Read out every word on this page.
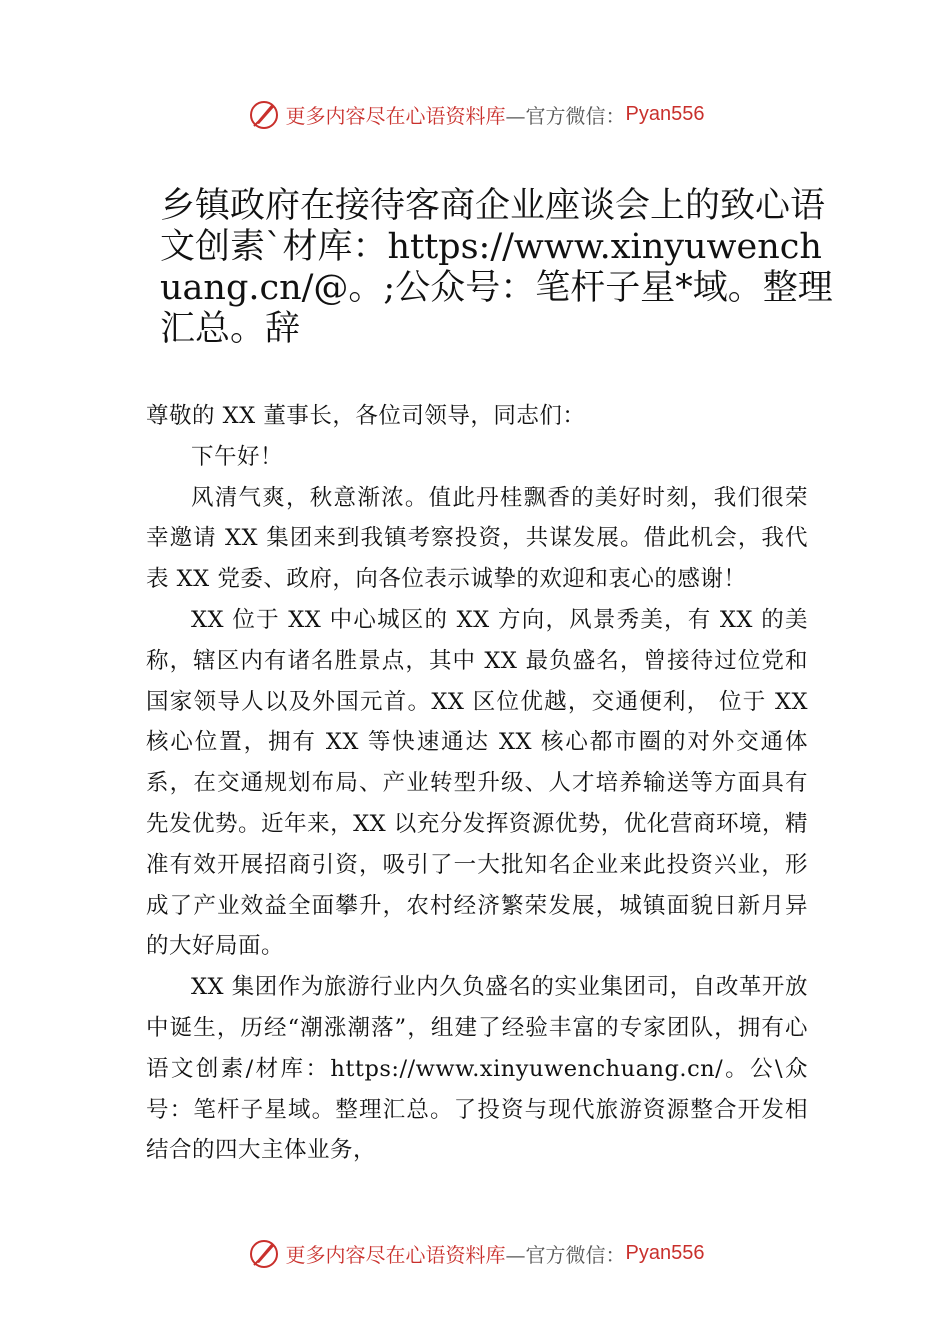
更多内容尽在心语资料库 —官方微信： Pyan556
乡镇政府在接待客商企业座谈会上的致心语文创素`材库：https://www.xinyuwenchuang.cn/@。;公众号：笔杆子星*域。整理汇总。辞

尊敬的 XX 董事长，各位司领导，同志们：

下午好！

风清气爽，秋意渐浓。值此丹桂飘香的美好时刻，我们很荣幸邀请 XX 集团来到我镇考察投资，共谋发展。借此机会，我代表 XX 党委、政府，向各位表示诚挚的欢迎和衷心的感谢！

XX 位于 XX 中心城区的 XX 方向，风景秀美，有 XX 的美称，辖区内有诸名胜景点，其中 XX 最负盛名，曾接待过位党和国家领导人以及外国元首。XX 区位优越，交通便利， 位于 XX 核心位置，拥有 XX 等快速通达 XX 核心都市圈的对外交通体系，在交通规划布局、产业转型升级、人才培养输送等方面具有先发优势。近年来，XX 以充分发挥资源优势，优化营商环境，精准有效开展招商引资，吸引了一大批知名企业来此投资兴业，形成了产业效益全面攀升，农村经济繁荣发展，城镇面貌日新月异的大好局面。

XX 集团作为旅游行业内久负盛名的实业集团司，自改革开放中诞生，历经“潮涨潮落”，组建了经验丰富的专家团队，拥有心语文创素/材库：https://www.xinyuwenchuang.cn/。公\众号：笔杆子星域。整理汇总。了投资与现代旅游资源整合开发相结合的四大主体业务，

更多内容尽在心语资料库 —官方微信： Pyan556
